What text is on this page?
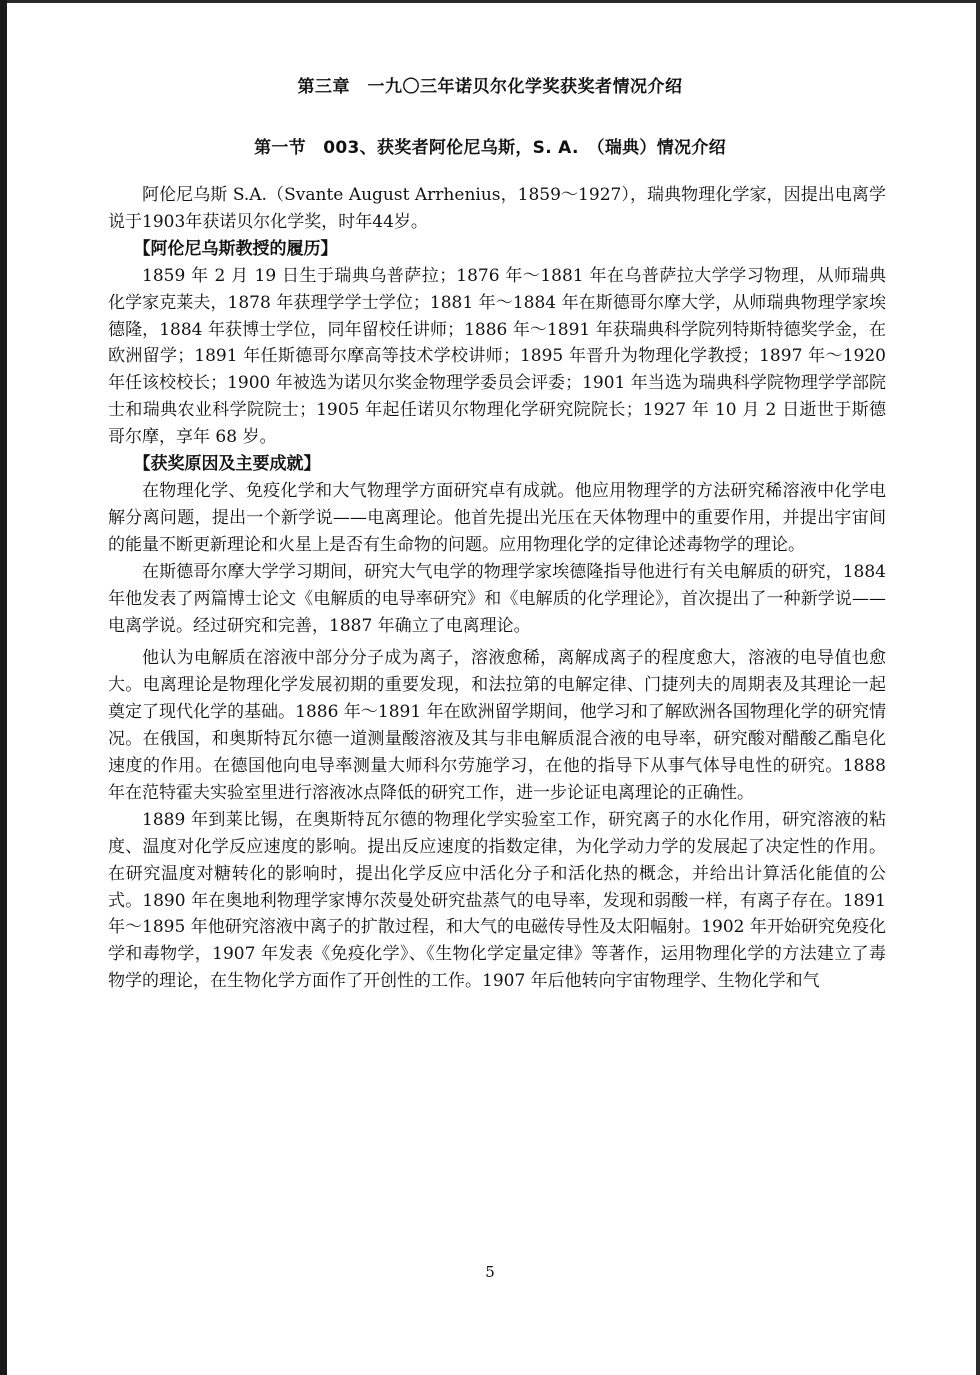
第三章　一九〇三年诺贝尔化学奖获奖者情况介绍
第一节　003、获奖者阿伦尼乌斯，S. A.　（瑞典）情况介绍

阿伦尼乌斯 S.A.（Svante August Arrhenius，1859～1927），瑞典物理化学家，因提出电离学说于1903年获诺贝尔化学奖，时年44岁。

【阿伦尼乌斯教授的履历】

1859 年 2 月 19 日生于瑞典乌普萨拉；1876 年～1881 年在乌普萨拉大学学习物理，从师瑞典化学家克莱夫，1878 年获理学学士学位；1881 年～1884 年在斯德哥尔摩大学，从师瑞典物理学家埃德隆，1884 年获博士学位，同年留校任讲师；1886 年～1891 年获瑞典科学院列特斯特德奖学金，在欧洲留学；1891 年任斯德哥尔摩高等技术学校讲师；1895 年晋升为物理化学教授；1897 年～1920 年任该校校长；1900 年被选为诺贝尔奖金物理学委员会评委；1901 年当选为瑞典科学院物理学学部院士和瑞典农业科学院院士；1905 年起任诺贝尔物理化学研究院院长；1927 年 10 月 2 日逝世于斯德哥尔摩，享年 68 岁。

【获奖原因及主要成就】

在物理化学、免疫化学和大气物理学方面研究卓有成就。他应用物理学的方法研究稀溶液中化学电解分离问题，提出一个新学说——电离理论。他首先提出光压在天体物理中的重要作用，并提出宇宙间的能量不断更新理论和火星上是否有生命物的问题。应用物理化学的定律论述毒物学的理论。

在斯德哥尔摩大学学习期间，研究大气电学的物理学家埃德隆指导他进行有关电解质的研究，1884 年他发表了两篇博士论文《电解质的电导率研究》和《电解质的化学理论》，首次提出了一种新学说——电离学说。经过研究和完善，1887 年确立了电离理论。

他认为电解质在溶液中部分分子成为离子，溶液愈稀，离解成离子的程度愈大，溶液的电导值也愈大。电离理论是物理化学发展初期的重要发现，和法拉第的电解定律、门捷列夫的周期表及其理论一起奠定了现代化学的基础。1886 年～1891 年在欧洲留学期间，他学习和了解欧洲各国物理化学的研究情况。在俄国，和奥斯特瓦尔德一道测量酸溶液及其与非电解质混合液的电导率，研究酸对醋酸乙酯皂化速度的作用。在德国他向电导率测量大师科尔劳施学习，在他的指导下从事气体导电性的研究。1888 年在范特霍夫实验室里进行溶液冰点降低的研究工作，进一步论证电离理论的正确性。

1889 年到莱比锡，在奥斯特瓦尔德的物理化学实验室工作，研究离子的水化作用，研究溶液的粘度、温度对化学反应速度的影响。提出反应速度的指数定律，为化学动力学的发展起了决定性的作用。在研究温度对糖转化的影响时，提出化学反应中活化分子和活化热的概念，并给出计算活化能值的公式。1890 年在奥地利物理学家博尔茨曼处研究盐蒸气的电导率，发现和弱酸一样，有离子存在。1891 年～1895 年他研究溶液中离子的扩散过程，和大气的电磁传导性及太阳幅射。1902 年开始研究免疫化学和毒物学，1907 年发表《免疫化学》、《生物化学定量定律》等著作，运用物理化学的方法建立了毒物学的理论，在生物化学方面作了开创性的工作。1907 年后他转向宇宙物理学、生物化学和气

5
